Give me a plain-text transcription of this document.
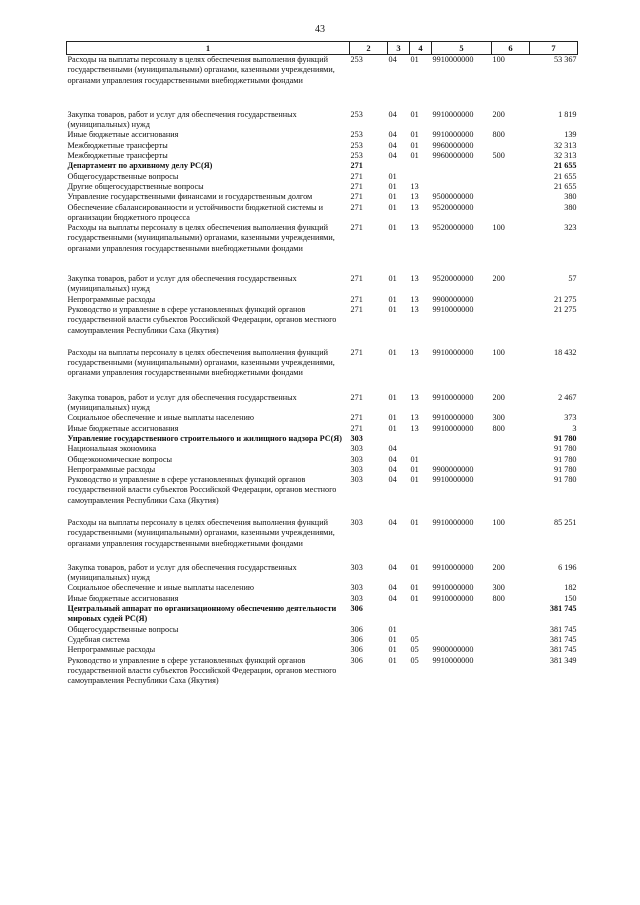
43
1	2	3	4	5	6	7
Расходы на выплаты персоналу в целях обеспечения выполнения функций государственными (муниципальными) органами, казенными учреждениями, органами управления государственными внебюджетными фондами	253	04	01	9910000000	100	53 367
Закупка товаров, работ и услуг для обеспечения государственных (муниципальных) нужд	253	04	01	9910000000	200	1 819
Иные бюджетные ассигнования	253	04	01	9910000000	800	139
Межбюджетные трансферты	253	04	01	9960000000		32 313
Межбюджетные трансферты	253	04	01	9960000000	500	32 313
Департамент по архивному делу РС(Я)	271					21 655
Общегосударственные вопросы	271	01				21 655
Другие общегосударственные вопросы	271	01	13			21 655
Управление государственными финансами и государственным долгом	271	01	13	9500000000		380
Обеспечение сбалансированности и устойчивости бюджетной системы и организации бюджетного процесса	271	01	13	9520000000		380
Расходы на выплаты персоналу в целях обеспечения выполнения функций государственными (муниципальными) органами, казенными учреждениями, органами управления государственными внебюджетными фондами	271	01	13	9520000000	100	323
Закупка товаров, работ и услуг для обеспечения государственных (муниципальных) нужд	271	01	13	9520000000	200	57
Непрограммные расходы	271	01	13	9900000000		21 275
Руководство и управление в сфере установленных функций органов государственной власти субъектов Российской Федерации, органов местного самоуправления Республики Саха (Якутия)	271	01	13	9910000000		21 275
Расходы на выплаты персоналу в целях обеспечения выполнения функций государственными (муниципальными) органами, казенными учреждениями, органами управления государственными внебюджетными фондами	271	01	13	9910000000	100	18 432
Закупка товаров, работ и услуг для обеспечения государственных (муниципальных) нужд	271	01	13	9910000000	200	2 467
Социальное обеспечение и иные выплаты населению	271	01	13	9910000000	300	373
Иные бюджетные ассигнования	271	01	13	9910000000	800	3
Управление государственного строительного и жилищного надзора РС(Я)	303					91 780
Национальная экономика	303	04				91 780
Общеэкономические вопросы	303	04	01			91 780
Непрограммные расходы	303	04	01	9900000000		91 780
Руководство и управление в сфере установленных функций органов государственной власти субъектов Российской Федерации, органов местного самоуправления Республики Саха (Якутия)	303	04	01	9910000000		91 780
Расходы на выплаты персоналу в целях обеспечения выполнения функций государственными (муниципальными) органами, казенными учреждениями, органами управления государственными внебюджетными фондами	303	04	01	9910000000	100	85 251
Закупка товаров, работ и услуг для обеспечения государственных (муниципальных) нужд	303	04	01	9910000000	200	6 196
Социальное обеспечение и иные выплаты населению	303	04	01	9910000000	300	182
Иные бюджетные ассигнования	303	04	01	9910000000	800	150
Центральный аппарат по организационному обеспечению деятельности мировых судей РС(Я)	306					381 745
Общегосударственные вопросы	306	01				381 745
Судебная система	306	01	05			381 745
Непрограммные расходы	306	01	05	9900000000		381 745
Руководство и управление в сфере установленных функций органов государственной власти субъектов Российской Федерации, органов местного самоуправления Республики Саха (Якутия)	306	01	05	9910000000		381 349
